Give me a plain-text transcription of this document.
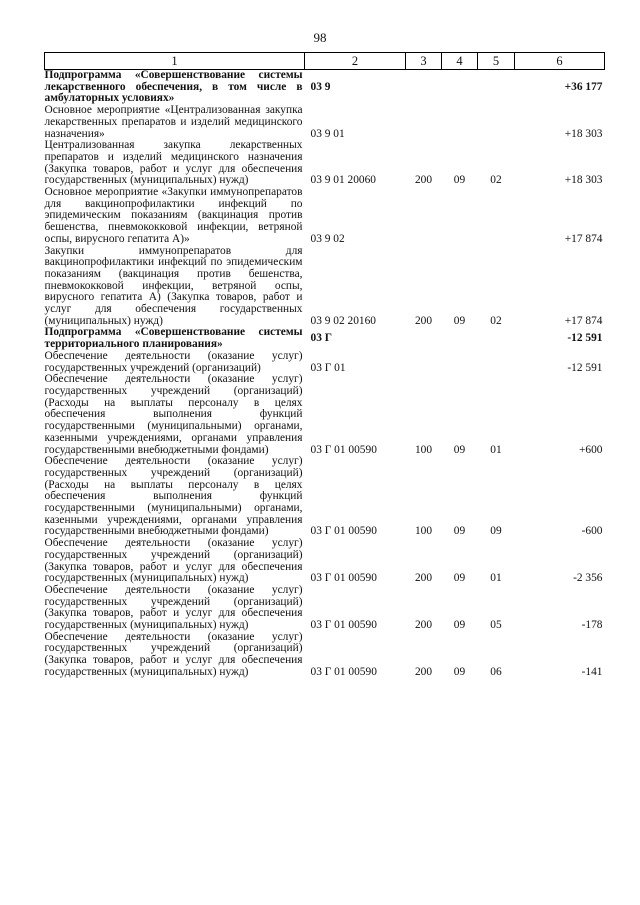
98
1	2	3	4	5	6
Подпрограмма «Совершенствование системы лекарственного обеспечения, в том числе в амбулаторных условиях»	03 9				+36 177
Основное мероприятие «Централизованная закупка лекарственных препаратов и изделий медицинского назначения»	03 9 01				+18 303
Централизованная закупка лекарственных препаратов и изделий медицинского назначения (Закупка товаров, работ и услуг для обеспечения государственных (муниципальных) нужд)	03 9 01 20060	200	09	02	+18 303
Основное мероприятие «Закупки иммунопрепаратов для вакцинопрофилактики инфекций по эпидемическим показаниям (вакцинация против бешенства, пневмококковой инфекции, ветряной оспы, вирусного гепатита А)»	03 9 02				+17 874
Закупки иммунопрепаратов для вакцинопрофилактики инфекций по эпидемическим показаниям (вакцинация против бешенства, пневмококковой инфекции, ветряной оспы, вирусного гепатита А) (Закупка товаров, работ и услуг для обеспечения государственных (муниципальных) нужд)	03 9 02 20160	200	09	02	+17 874
Подпрограмма «Совершенствование системы территориального планирования»	03 Г				-12 591
Обеспечение деятельности (оказание услуг) государственных учреждений (организаций)	03 Г 01				-12 591
Обеспечение деятельности (оказание услуг) государственных учреждений (организаций) (Расходы на выплаты персоналу в целях обеспечения выполнения функций государственными (муниципальными) органами, казенными учреждениями, органами управления государственными внебюджетными фондами)	03 Г 01 00590	100	09	01	+600
Обеспечение деятельности (оказание услуг) государственных учреждений (организаций) (Расходы на выплаты персоналу в целях обеспечения выполнения функций государственными (муниципальными) органами, казенными учреждениями, органами управления государственными внебюджетными фондами)	03 Г 01 00590	100	09	09	-600
Обеспечение деятельности (оказание услуг) государственных учреждений (организаций) (Закупка товаров, работ и услуг для обеспечения государственных (муниципальных) нужд)	03 Г 01 00590	200	09	01	-2 356
Обеспечение деятельности (оказание услуг) государственных учреждений (организаций) (Закупка товаров, работ и услуг для обеспечения государственных (муниципальных) нужд)	03 Г 01 00590	200	09	05	-178
Обеспечение деятельности (оказание услуг) государственных учреждений (организаций) (Закупка товаров, работ и услуг для обеспечения государственных (муниципальных) нужд)	03 Г 01 00590	200	09	06	-141
